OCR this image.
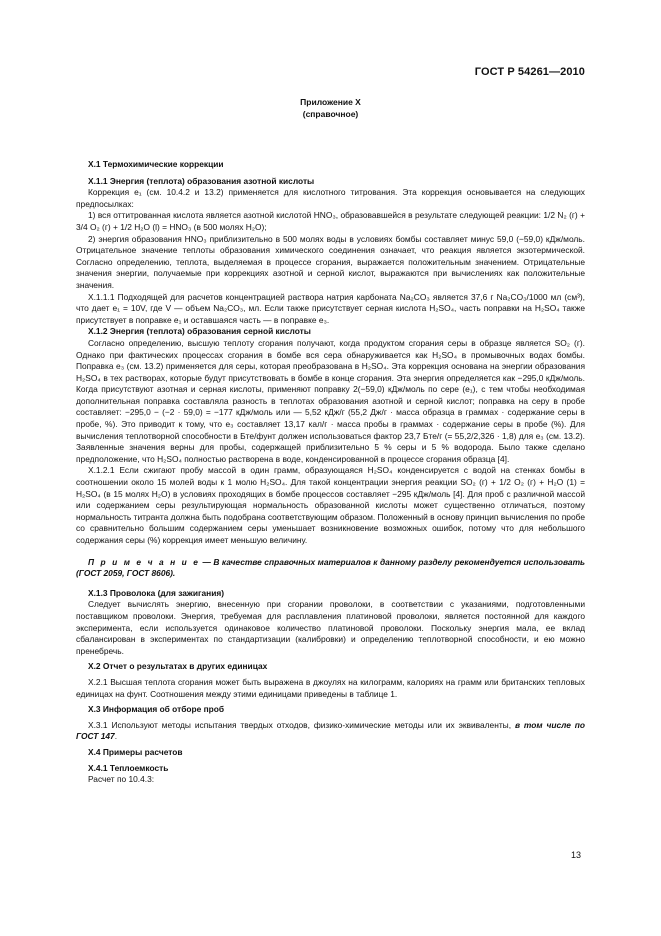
ГОСТ Р 54261—2010
Приложение Х
(справочное)

Х.1 Термохимические коррекции

Х.1.1 Энергия (теплота) образования азотной кислоты

Коррекция e₁ (см. 10.4.2 и 13.2) применяется для кислотного титрования. Эта коррекция основывается на следующих предпосылках:

1) вся оттитрованная кислота является азотной кислотой HNO₃, образовавшейся в результате следующей реакции: 1/2 N₂ (г) + 3/4 O₂ (г) + 1/2 H₂O (l) = HNO₃ (в 500 молях H₂O);

2) энергия образования HNO₃ приблизительно в 500 молях воды в условиях бомбы составляет минус 59,0 (−59,0) кДж/моль. Отрицательное значение теплоты образования химического соединения означает, что реакция является экзотермической. Согласно определению, теплота, выделяемая в процессе сгорания, выражается положительным значением. Отрицательные значения энергии, получаемые при коррекциях азотной и серной кислот, выражаются при вычислениях как положительные значения.

Х.1.1.1 Подходящей для расчетов концентрацией раствора натрия карбоната Na₂CO₃ является 37,6 г Na₂CO₃/1000 мл (см³), что дает e₁ = 10V, где V — объем Na₂CO₃, мл. Если также присутствует серная кислота H₂SO₄, часть поправки на H₂SO₄ также присутствует в поправке e₁ и оставшаяся часть — в поправке e₃.

Х.1.2 Энергия (теплота) образования серной кислоты

Согласно определению, высшую теплоту сгорания получают, когда продуктом сгорания серы в образце является SO₂ (г). Однако при фактических процессах сгорания в бомбе вся сера обнаруживается как H₂SO₄ в промывочных водах бомбы. Поправка e₃ (см. 13.2) применяется для серы, которая преобразована в H₂SO₄. Эта коррекция основана на энергии образования H₂SO₄ в тех растворах, которые будут присутствовать в бомбе в конце сгорания. Эта энергия определяется как −295,0 кДж/моль. Когда присутствуют азотная и серная кислоты, применяют поправку 2(−59,0) кДж/моль по сере (e₁), с тем чтобы необходимая дополнительная поправка составляла разность в теплотах образования азотной и серной кислот; поправка на серу в пробе составляет: −295,0 − (−2 · 59,0) = −177 кДж/моль или — 5,52 кДж/г (55,2 Дж/г · масса образца в граммах · содержание серы в пробе, %). Это приводит к тому, что e₃ составляет 13,17 кал/г · масса пробы в граммах · содержание серы в пробе (%). Для вычисления теплотворной способности в Бте/фунт должен использоваться фактор 23,7 Бте/г (= 55,2/2,326 · 1,8) для e₃ (см. 13.2). Заявленные значения верны для пробы, содержащей приблизительно 5 % серы и 5 % водорода. Было также сделано предположение, что H₂SO₄ полностью растворена в воде, конденсированной в процессе сгорания образца [4].

Х.1.2.1 Если сжигают пробу массой в один грамм, образующаяся H₂SO₄ конденсируется с водой на стенках бомбы в соотношении около 15 молей воды к 1 молю H₂SO₄. Для такой концентрации энергия реакции SO₂ (г) + 1/2 O₂ (г) + H₂O (1) = H₂SO₄ (в 15 молях H₂O) в условиях проходящих в бомбе процессов составляет −295 кДж/моль [4]. Для проб с различной массой или содержанием серы результирующая нормальность образованной кислоты может существенно отличаться, поэтому нормальность титранта должна быть подобрана соответствующим образом. Положенный в основу принцип вычисления по пробе со сравнительно большим содержанием серы уменьшает возникновение возможных ошибок, потому что для небольшого содержания серы (%) коррекция имеет меньшую величину.

П р и м е ч а н и е — В качестве справочных материалов к данному разделу рекомендуется использовать (ГОСТ 2059, ГОСТ 8606).

Х.1.3 Проволока (для зажигания)

Следует вычислять энергию, внесенную при сгорании проволоки, в соответствии с указаниями, подготовленными поставщиком проволоки. Энергия, требуемая для расплавления платиновой проволоки, является постоянной для каждого эксперимента, если используется одинаковое количество платиновой проволоки. Поскольку энергия мала, ее вклад сбалансирован в экспериментах по стандартизации (калибровки) и определению теплотворной способности, и ею можно пренебречь.

Х.2 Отчет о результатах в других единицах

Х.2.1 Высшая теплота сгорания может быть выражена в джоулях на килограмм, калориях на грамм или британских тепловых единицах на фунт. Соотношения между этими единицами приведены в таблице 1.

Х.3 Информация об отборе проб

Х.3.1 Используют методы испытания твердых отходов, физико-химические методы или их эквиваленты, в том числе по ГОСТ 147.

Х.4 Примеры расчетов

Х.4.1 Теплоемкость

Расчет по 10.4.3:

13
